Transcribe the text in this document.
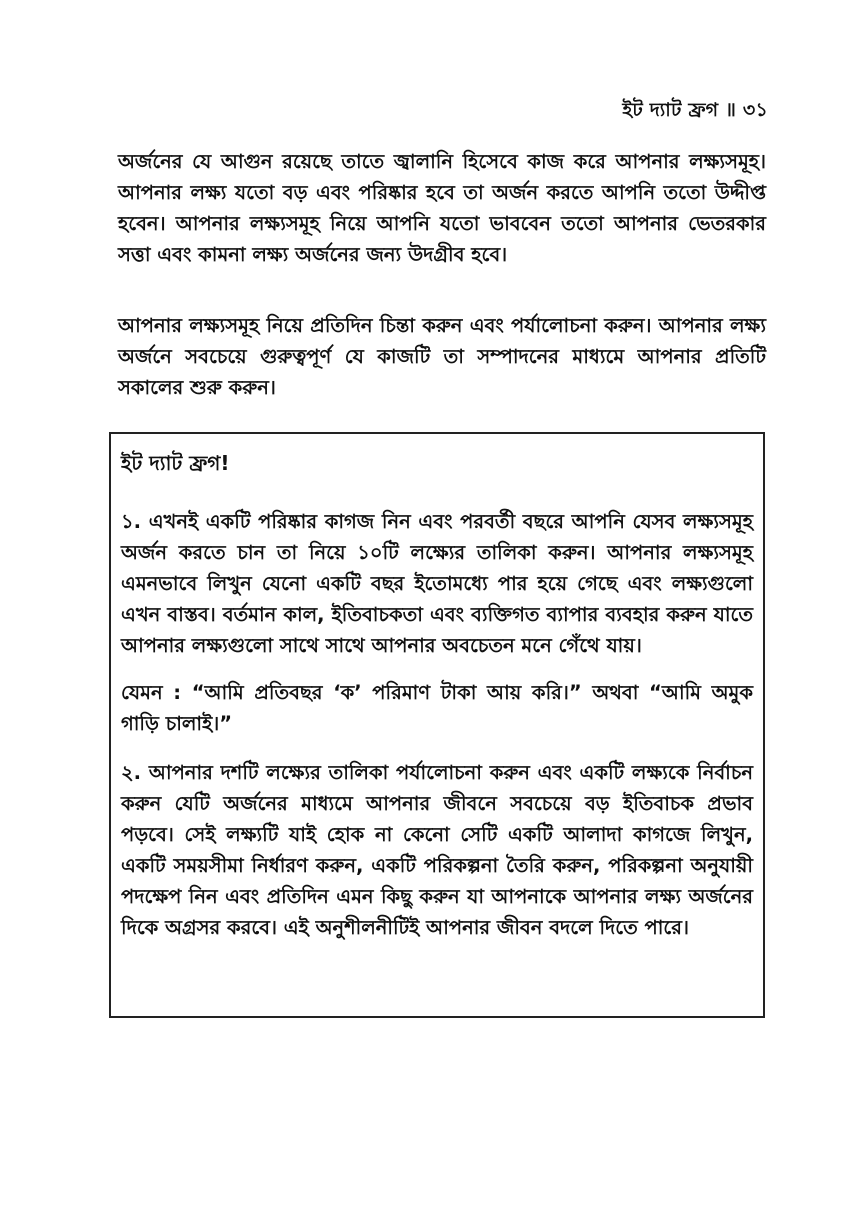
ইট দ্যাট ফ্রগ ॥ ৩১

অর্জনের যে আগুন রয়েছে তাতে জ্বালানি হিসেবে কাজ করে আপনার লক্ষ্যসমূহ। আপনার লক্ষ্য যতো বড় এবং পরিষ্কার হবে তা অর্জন করতে আপনি ততো উদ্দীপ্ত হবেন। আপনার লক্ষ্যসমূহ নিয়ে আপনি যতো ভাববেন ততো আপনার ভেতরকার সত্তা এবং কামনা লক্ষ্য অর্জনের জন্য উদগ্রীব হবে।

আপনার লক্ষ্যসমূহ নিয়ে প্রতিদিন চিন্তা করুন এবং পর্যালোচনা করুন। আপনার লক্ষ্য অর্জনে সবচেয়ে গুরুত্বপূর্ণ যে কাজটি তা সম্পাদনের মাধ্যমে আপনার প্রতিটি সকালের শুরু করুন।

ইট দ্যাট ফ্রগ!

১. এখনই একটি পরিষ্কার কাগজ নিন এবং পরবর্তী বছরে আপনি যেসব লক্ষ্যসমূহ অর্জন করতে চান তা নিয়ে ১০টি লক্ষ্যের তালিকা করুন। আপনার লক্ষ্যসমূহ এমনভাবে লিখুন যেনো একটি বছর ইতোমধ্যে পার হয়ে গেছে এবং লক্ষ্যগুলো এখন বাস্তব। বর্তমান কাল, ইতিবাচকতা এবং ব্যক্তিগত ব্যাপার ব্যবহার করুন যাতে আপনার লক্ষ্যগুলো সাথে সাথে আপনার অবচেতন মনে গেঁথে যায়।

যেমন : “আমি প্রতিবছর ‘ক’ পরিমাণ টাকা আয় করি।” অথবা “আমি অমুক গাড়ি চালাই।”

২. আপনার দশটি লক্ষ্যের তালিকা পর্যালোচনা করুন এবং একটি লক্ষ্যকে নির্বাচন করুন যেটি অর্জনের মাধ্যমে আপনার জীবনে সবচেয়ে বড় ইতিবাচক প্রভাব পড়বে। সেই লক্ষ্যটি যাই হোক না কেনো সেটি একটি আলাদা কাগজে লিখুন, একটি সময়সীমা নির্ধারণ করুন, একটি পরিকল্পনা তৈরি করুন, পরিকল্পনা অনুযায়ী পদক্ষেপ নিন এবং প্রতিদিন এমন কিছু করুন যা আপনাকে আপনার লক্ষ্য অর্জনের দিকে অগ্রসর করবে। এই অনুশীলনীটিই আপনার জীবন বদলে দিতে পারে।
